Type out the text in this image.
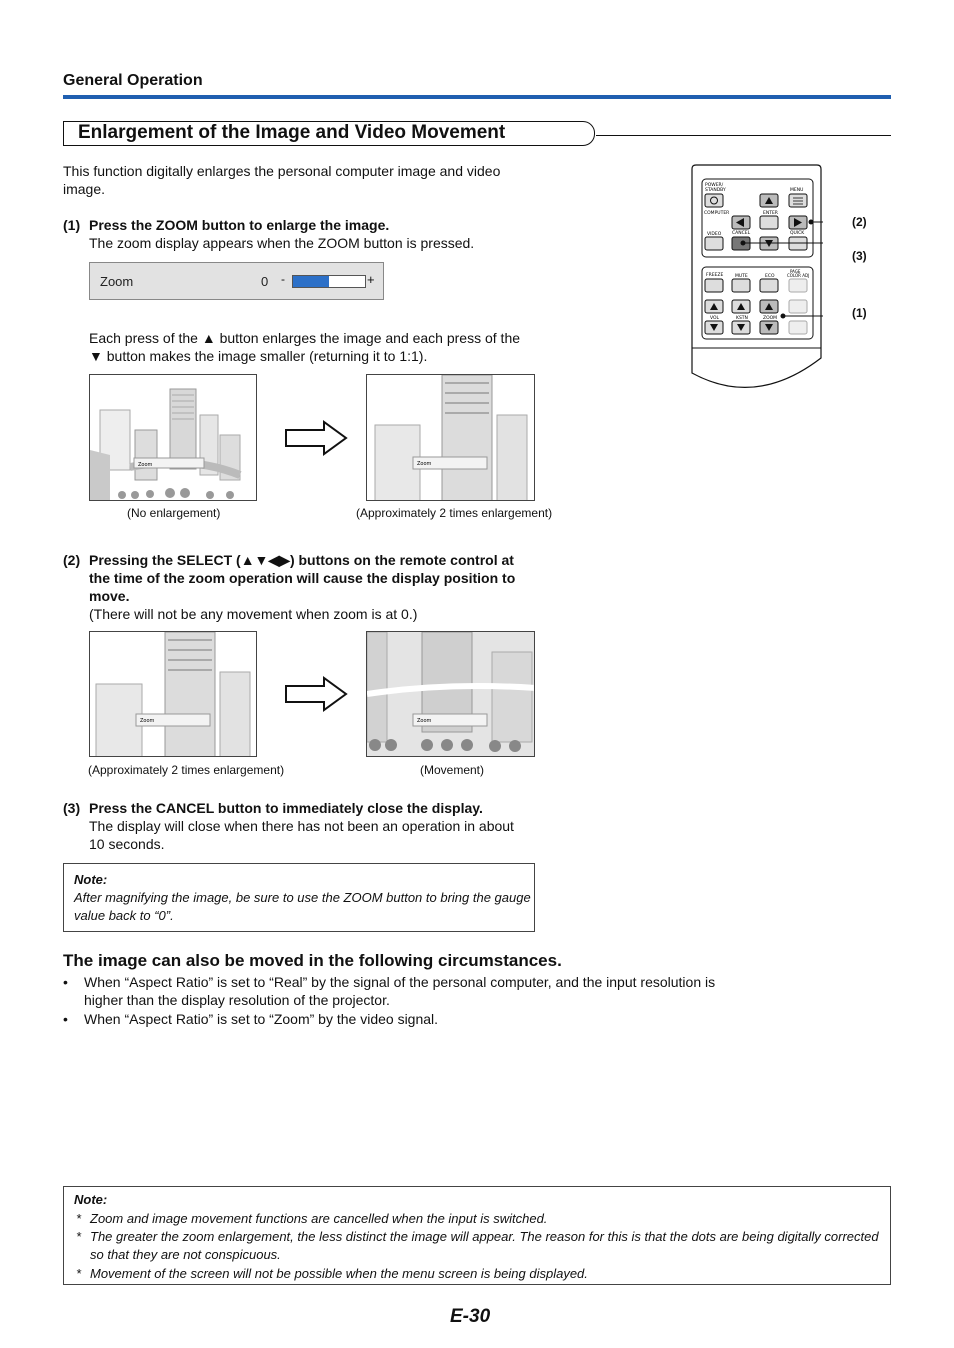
General Operation
Enlargement of the Image and Video Movement
This function digitally enlarges the personal computer image and video
image.
(1) Press the ZOOM button to enlarge the image.
The zoom display appears when the ZOOM button is pressed.
Zoom	0 -	+
Each press of the ▲ button enlarges the image and each press of the
▼ button makes the image smaller (returning it to 1:1).
Zoom	Zoom
(No enlargement)	(Approximately 2 times enlargement)
(2) Pressing the SELECT (▲▼◀▶) buttons on the remote control at
the time of the zoom operation will cause the display position to
move.
(There will not be any movement when zoom is at 0.)
Zoom	Zoom
(Approximately 2 times enlargement)	(Movement)
(3) Press the CANCEL button to immediately close the display.
The display will close when there has not been an operation in about
10 seconds.
Note:
After magnifying the image, be sure to use the ZOOM button to bring the gauge
value back to “0”.
The image can also be moved in the following circumstances.
• When “Aspect Ratio” is set to “Real” by the signal of the personal computer, and the input resolution is
higher than the display resolution of the projector.
• When “Aspect Ratio” is set to “Zoom” by the video signal.
Note:
* Zoom and image movement functions are cancelled when the input is switched.
* The greater the zoom enlargement, the less distinct the image will appear. The reason for this is that the dots are being digitally corrected
so that they are not conspicuous.
* Movement of the screen will not be possible when the menu screen is being displayed.
POWER/
STANDBY	MENU
COMPUTER	ENTER
VIDEO CANCEL	QUICK
FREEZE	MUTE	ECO
PAGE
COLOR ADJ
VOL	KSTN	ZOOM
(2)
(3)
(1)
E-30
